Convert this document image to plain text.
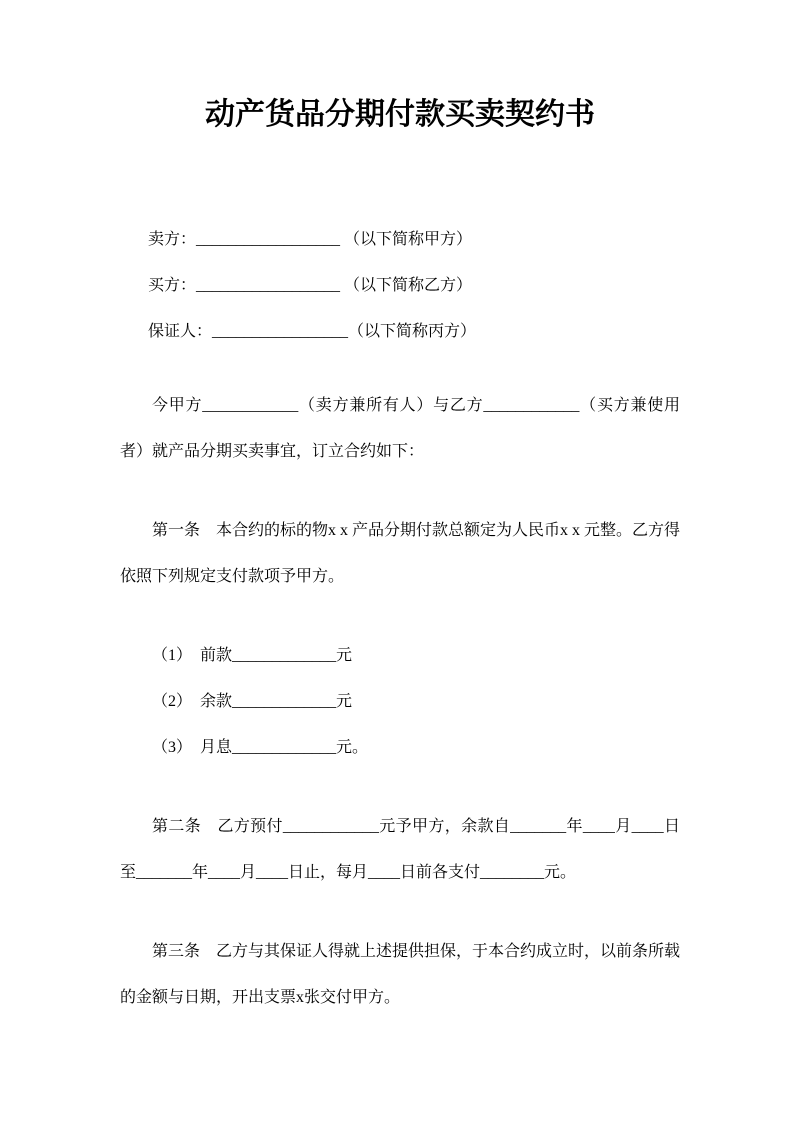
动产货品分期付款买卖契约书

卖方：__________________ （以下简称甲方）

买方：__________________ （以下简称乙方）

保证人：_________________（以下简称丙方）

今甲方____________（卖方兼所有人）与乙方____________（买方兼使用者）就产品分期买卖事宜，订立合约如下：

第一条　本合约的标的物x x 产品分期付款总额定为人民币x x 元整。乙方得依照下列规定支付款项予甲方。

（1）　前款_____________元

（2）　余款_____________元

（3）　月息_____________元。

第二条　乙方预付____________元予甲方，余款自_______年____月____日至_______年____月____日止，每月____日前各支付________元。

第三条　乙方与其保证人得就上述提供担保，于本合约成立时，以前条所载的金额与日期，开出支票x张交付甲方。
